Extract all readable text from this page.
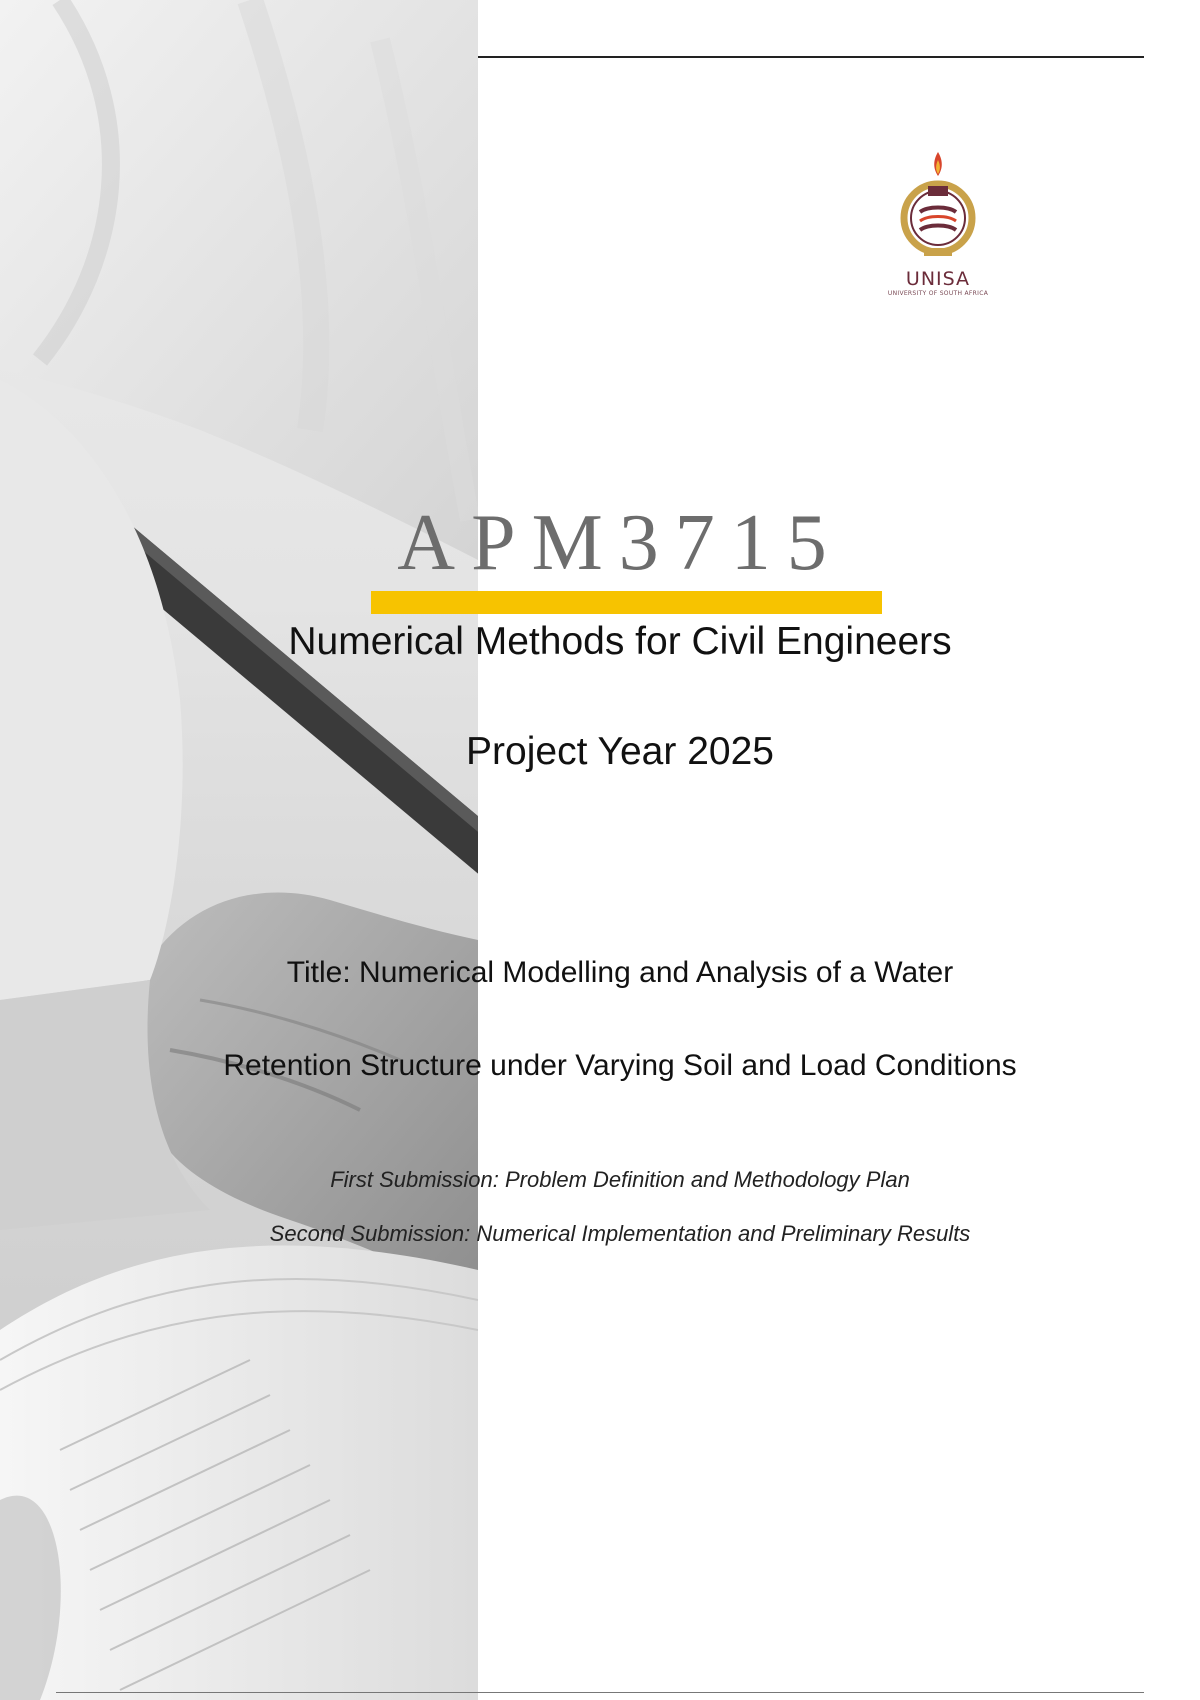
UNISA
UNIVERSITY OF SOUTH AFRICA
APM3715
Numerical Methods for Civil Engineers
Project Year 2025

Title: Numerical Modelling and Analysis of a Water

Retention Structure under Varying Soil and Load Conditions

First Submission: Problem Definition and Methodology Plan

Second Submission: Numerical Implementation and Preliminary Results
